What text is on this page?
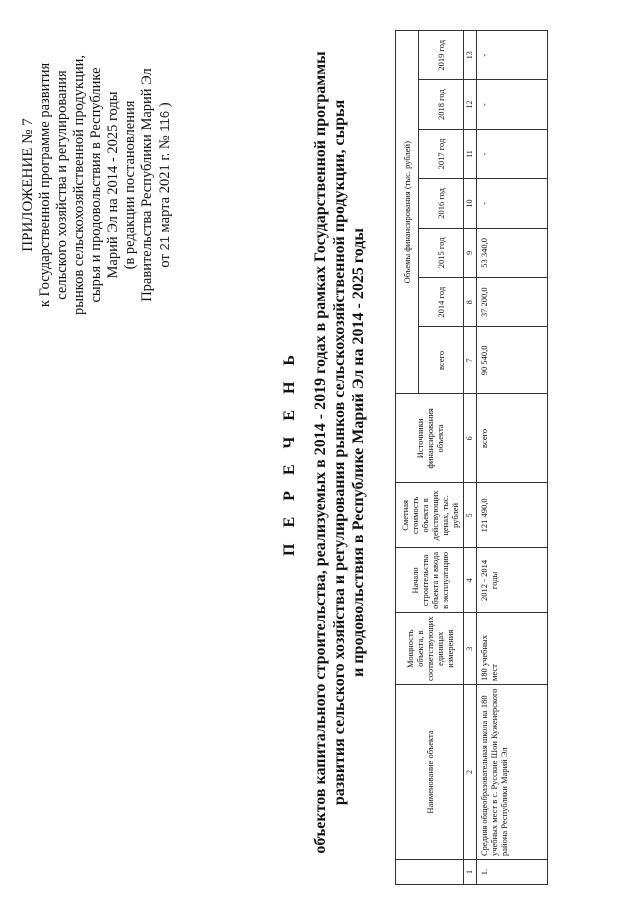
ПРИЛОЖЕНИЕ № 7 к Государственной программе развития сельского хозяйства и регулирования рынков сельскохозяйственной продукции, сырья и продовольствия в Республике Марий Эл на 2014 - 2025 годы (в редакции постановления Правительства Республики Марий Эл от 21 марта 2021 г. № 116 )
П Е Р Е Ч Е Н Ь объектов капитального строительства, реализуемых в 2014 - 2019 годах в рамках Государственной программы развития сельского хозяйства и регулирования рынков сельскохозяйственной продукции, сырья и продовольствия в Республике Марий Эл на 2014 - 2025 годы
	Наименование объекта	Мощность объекта, в соответствующих единицах измерения	Начало строительства объекта и ввода в эксплуатацию	Сметная стоимость объекта в действующих ценах, тыс. рублей	Источники финансирования объекта	Объемы финансирования (тыс. рублей)						
						всего	2014 год	2015 год	2016 год	2017 год	2018 год	2019 год
1	2	3	4	5	6	7	8	9	10	11	12	13
1.	Средняя общеобразовательная школа на 180 учебных мест в с. Русские Шои Куженерского района Республики Марий Эл	180 учебных мест	2012 - 2014 годы	121 490,0	всего	90 540,0	37 200,0	53 340,0	-	-	-	-
